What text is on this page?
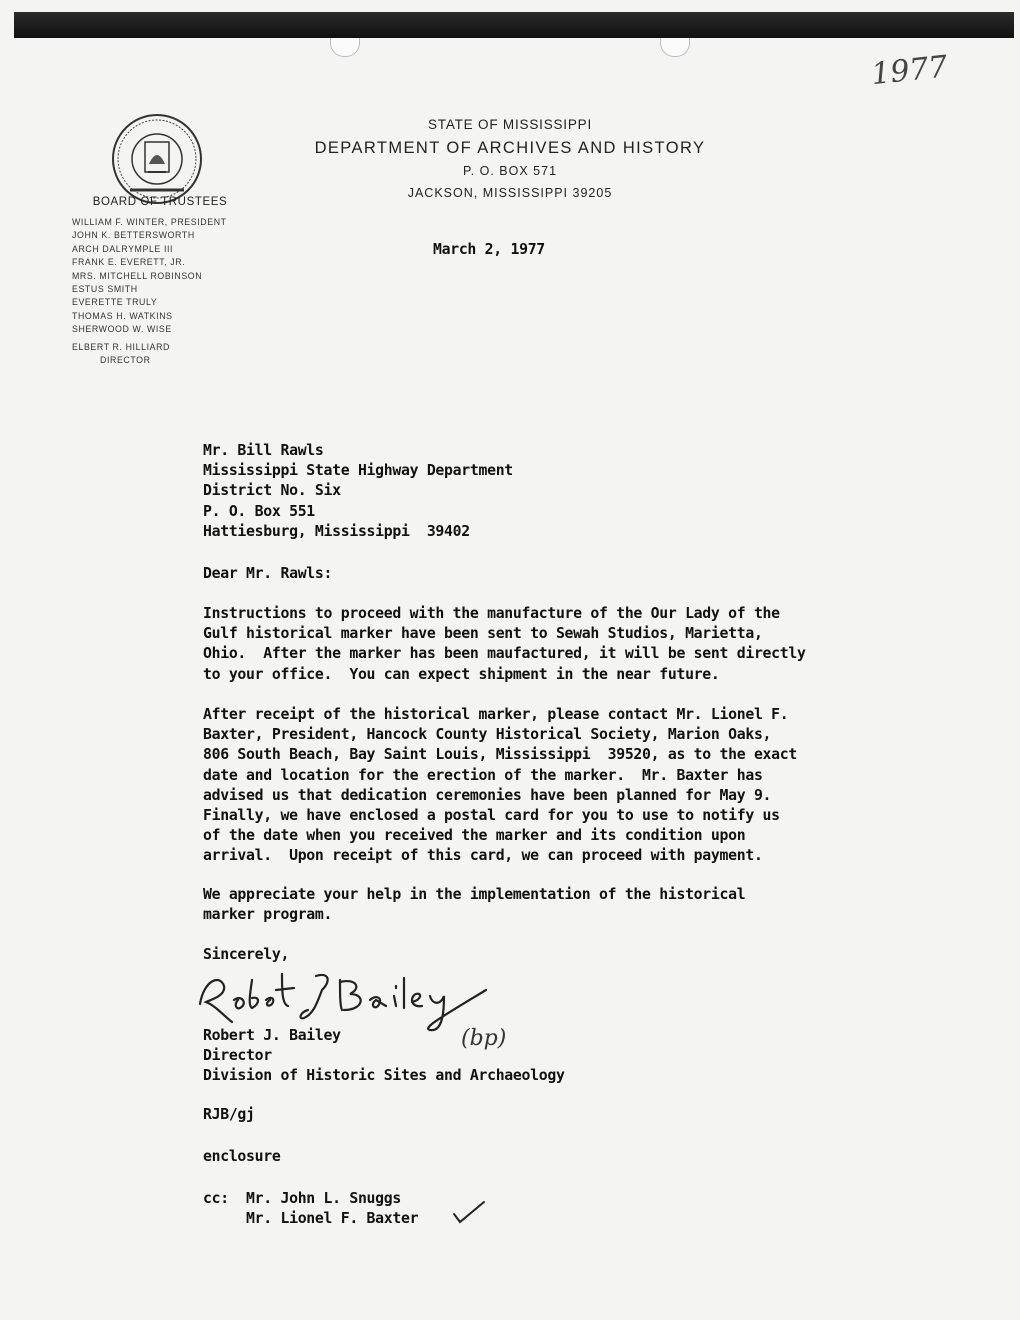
1977
BOARD OF TRUSTEES
WILLIAM F. WINTER, PRESIDENT
JOHN K. BETTERSWORTH
ARCH DALRYMPLE III
FRANK E. EVERETT, JR.
MRS. MITCHELL ROBINSON
ESTUS SMITH
EVERETTE TRULY
THOMAS H. WATKINS
SHERWOOD W. WISE
ELBERT R. HILLIARD
DIRECTOR
STATE OF MISSISSIPPI
DEPARTMENT OF ARCHIVES AND HISTORY
P. O. BOX 571
JACKSON, MISSISSIPPI 39205
March 2, 1977
Mr. Bill Rawls
Mississippi State Highway Department
District No. Six
P. O. Box 551
Hattiesburg, Mississippi  39402
Dear Mr. Rawls:
Instructions to proceed with the manufacture of the Our Lady of the
Gulf historical marker have been sent to Sewah Studios, Marietta,
Ohio.  After the marker has been maufactured, it will be sent directly
to your office.  You can expect shipment in the near future.
After receipt of the historical marker, please contact Mr. Lionel F.
Baxter, President, Hancock County Historical Society, Marion Oaks,
806 South Beach, Bay Saint Louis, Mississippi  39520, as to the exact
date and location for the erection of the marker.  Mr. Baxter has
advised us that dedication ceremonies have been planned for May 9.
Finally, we have enclosed a postal card for you to use to notify us
of the date when you received the marker and its condition upon
arrival.  Upon receipt of this card, we can proceed with payment.
We appreciate your help in the implementation of the historical
marker program.
Sincerely,
Robert J. Bailey
Director
Division of Historic Sites and Archaeology
(bp)
RJB/gj
enclosure
cc:  Mr. John L. Snuggs
Mr. Lionel F. Baxter
